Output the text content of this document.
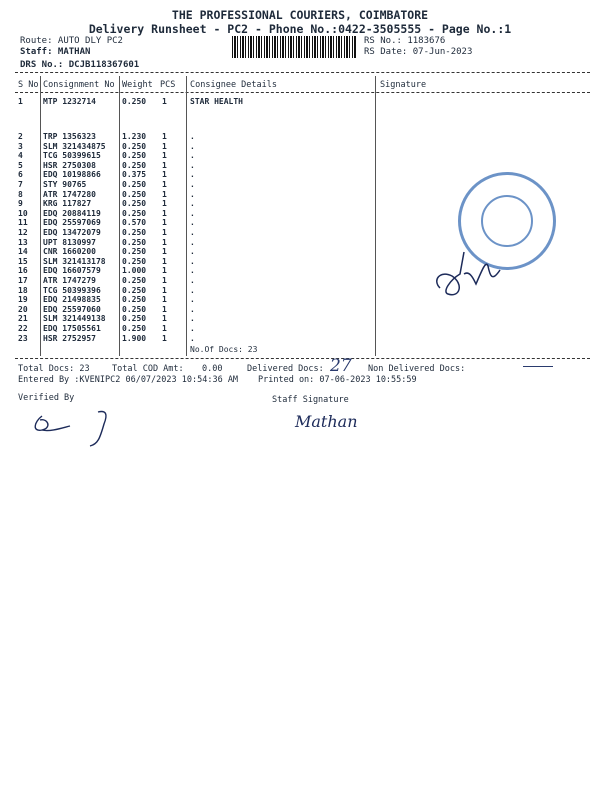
THE PROFESSIONAL COURIERS, COIMBATORE
Delivery Runsheet - PC2 - Phone No.:0422-3505555 - Page No.:1
Route: AUTO DLY PC2
Staff: MATHAN
DRS No.: DCJB118367601
RS No.: 1183676
RS Date: 07-Jun-2023
S No Consignment No Weight PCS Consignee Details	Signature
1	MTP 1232714	0.250 1	STAR HEALTH
2	TRP 1356323	1.230 1	.
3	SLM 321434875 0.250 1	.
4	TCG 50399615	0.250 1	.
5	HSR 2750308	0.250 1	.
6	EDQ 10198866	0.375 1	.
7	STY 90765	0.250 1	.
8	ATR 1747280	0.250 1	.
9	KRG 117827	0.250 1	.
10 EDQ 20884119	0.250 1	.
11 EDQ 25597069	0.570 1	.
12 EDQ 13472079	0.250 1	.
13 UPT 8130997	0.250 1	.
14 CNR 1660200	0.250 1	.
15 SLM 321413178 0.250 1	.
16 EDQ 16607579	1.000 1	.
17 ATR 1747279	0.250 1	.
18 TCG 50399396	0.250 1	.
19 EDQ 21498835	0.250 1	.
20 EDQ 25597060	0.250 1	.
21 SLM 321449138 0.250 1	.
22 EDQ 17505561	0.250 1	.
23 HSR 2752957	1.900 1	.
No.Of Docs: 23
Total Docs: 23	Total COD Amt: 0.00	Delivered Docs: 27 Non Delivered Docs:
Entered By :KVENIPC2 06/07/2023 10:54:36 AM Printed on: 07-06-2023 10:55:59
Verified By	Staff Signature
Mathan
